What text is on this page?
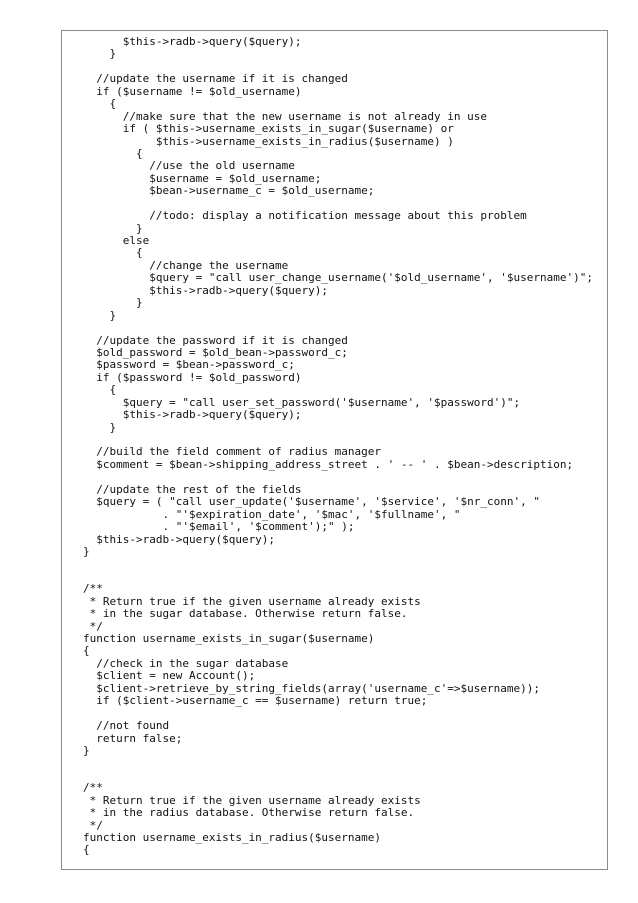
$this->radb->query($query);
}
//update the username if it is changed
if ($username != $old_username)
{
//make sure that the new username is not already in use
if ( $this->username_exists_in_sugar($username) or
$this->username_exists_in_radius($username) )
{
//use the old username
$username = $old_username;
$bean->username_c = $old_username;
//todo: display a notification message about this problem
}
else
{
//change the username
$query = "call user_change_username('$old_username', '$username')";
$this->radb->query($query);
}
}
//update the password if it is changed
$old_password = $old_bean->password_c;
$password = $bean->password_c;
if ($password != $old_password)
{
$query = "call user_set_password('$username', '$password')";
$this->radb->query($query);
}
//build the field comment of radius manager
$comment = $bean->shipping_address_street . ' -- ' . $bean->description;
//update the rest of the fields
$query = ( "call user_update('$username', '$service', '$nr_conn', "
. "'$expiration_date', '$mac', '$fullname', "
. "'$email', '$comment');" );
$this->radb->query($query);
}
/**
* Return true if the given username already exists
* in the sugar database. Otherwise return false.
*/
function username_exists_in_sugar($username)
{
//check in the sugar database
$client = new Account();
$client->retrieve_by_string_fields(array('username_c'=>$username));
if ($client->username_c == $username) return true;
//not found
return false;
}
/**
* Return true if the given username already exists
* in the radius database. Otherwise return false.
*/
function username_exists_in_radius($username)
{
